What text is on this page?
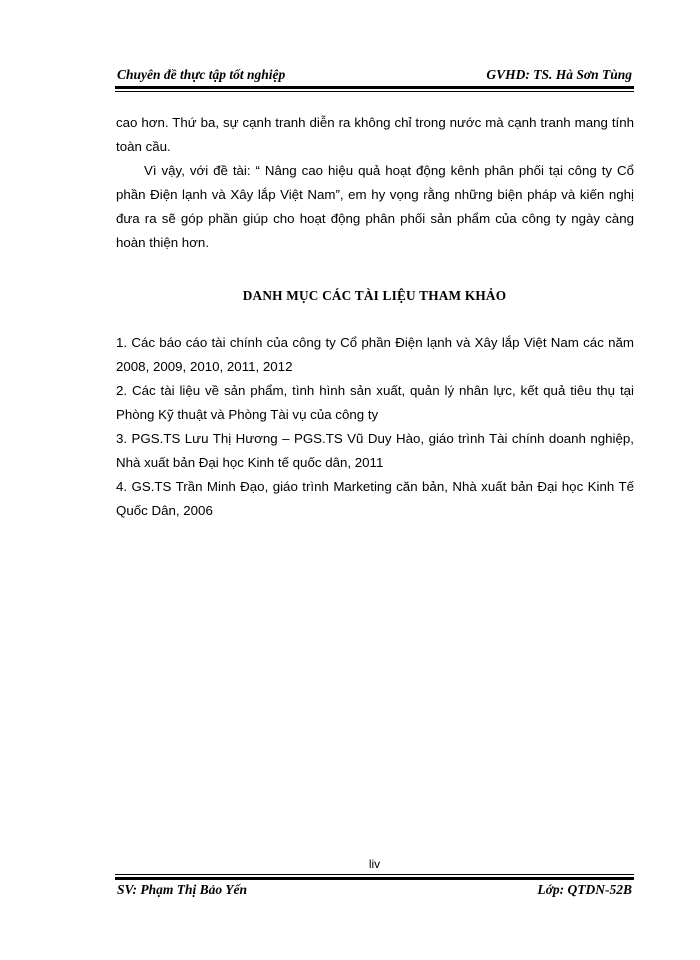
Chuyên đề thực tập tốt nghiệp	GVHD: TS. Hà Sơn Tùng

cao hơn. Thứ ba, sự cạnh tranh diễn ra không chỉ trong nước mà cạnh tranh mang tính toàn cầu.

Vì vậy, với đề tài: “ Nâng cao hiệu quả hoạt động kênh phân phối tại công ty Cổ phần Điện lạnh và Xây lắp Việt Nam”, em hy vọng rằng những biện pháp và kiến nghị đưa ra sẽ góp phần giúp cho hoạt động phân phối sản phẩm của công ty ngày càng hoàn thiện hơn.

DANH MỤC CÁC TÀI LIỆU THAM KHẢO

1. Các báo cáo tài chính của công ty Cổ phần Điện lạnh và Xây lắp Việt Nam các năm 2008, 2009, 2010, 2011, 2012

2. Các tài liệu về sản phẩm, tình hình sản xuất, quản lý nhân lực, kết quả tiêu thụ tại Phòng Kỹ thuật và Phòng Tài vụ của công ty

3. PGS.TS Lưu Thị Hương – PGS.TS Vũ Duy Hào, giáo trình Tài chính doanh nghiệp, Nhà xuất bản Đại học Kinh tế quốc dân, 2011

4. GS.TS Trần Minh Đạo, giáo trình Marketing căn bản, Nhà xuất bản Đại học Kinh Tế Quốc Dân, 2006

liv
SV: Phạm Thị Bảo Yến	Lớp: QTDN-52B
